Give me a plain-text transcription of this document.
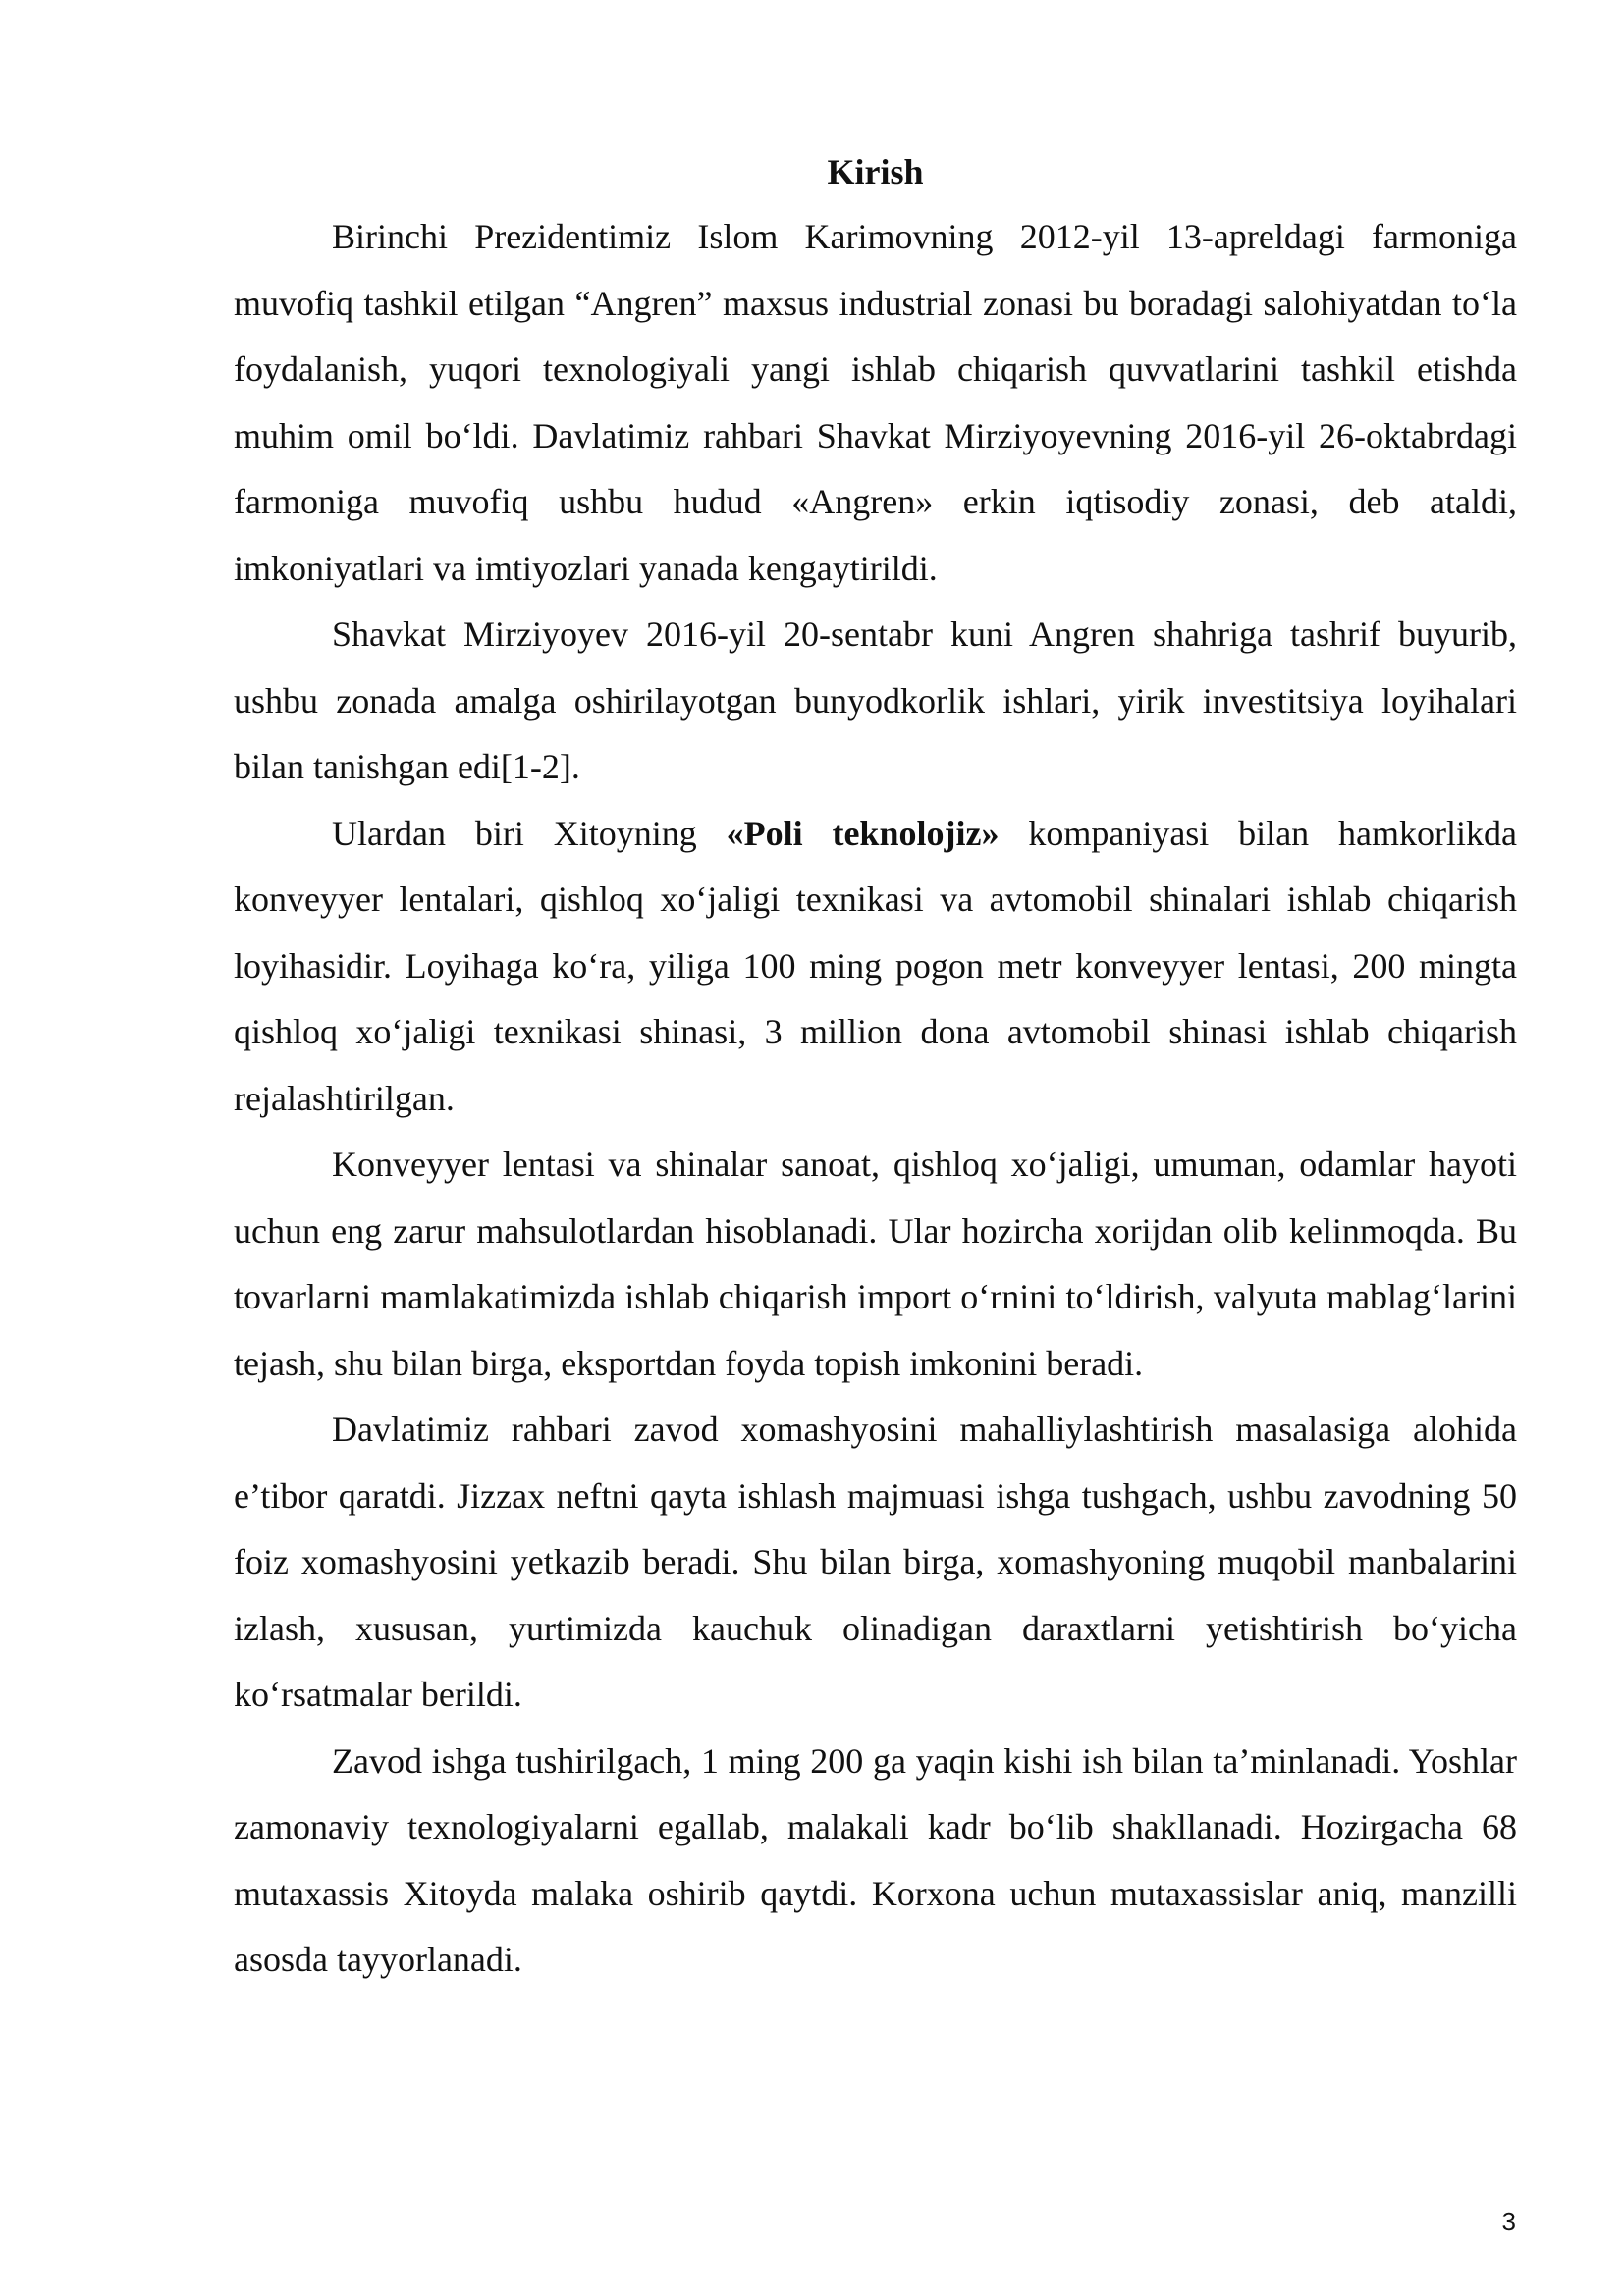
Kirish

Birinchi Prezidentimiz Islom Karimovning 2012-yil 13-apreldagi farmoniga muvofiq tashkil etilgan “Angren” maxsus industrial zonasi bu boradagi salohiyatdan to‘la foydalanish, yuqori texnologiyali yangi ishlab chiqarish quvvatlarini tashkil etishda muhim omil bo‘ldi. Davlatimiz rahbari Shavkat Mirziyoyevning 2016-yil 26-oktabrdagi farmoniga muvofiq ushbu hudud «Angren» erkin iqtisodiy zonasi, deb ataldi, imkoniyatlari va imtiyozlari yanada kengaytirildi.

Shavkat Mirziyoyev 2016-yil 20-sentabr kuni Angren shahriga tashrif buyurib, ushbu zonada amalga oshirilayotgan bunyodkorlik ishlari, yirik investitsiya loyihalari bilan tanishgan edi[1-2].

Ulardan biri Xitoyning «Poli teknolojiz» kompaniyasi bilan hamkorlikda konveyyer lentalari, qishloq xo‘jaligi texnikasi va avtomobil shinalari ishlab chiqarish loyihasidir. Loyihaga ko‘ra, yiliga 100 ming pogon metr konveyyer lentasi, 200 mingta qishloq xo‘jaligi texnikasi shinasi, 3 million dona avtomobil shinasi ishlab chiqarish rejalashtirilgan.

Konveyyer lentasi va shinalar sanoat, qishloq xo‘jaligi, umuman, odamlar hayoti uchun eng zarur mahsulotlardan hisoblanadi. Ular hozircha xorijdan olib kelinmoqda. Bu tovarlarni mamlakatimizda ishlab chiqarish import o‘rnini to‘ldirish, valyuta mablag‘larini tejash, shu bilan birga, eksportdan foyda topish imkonini beradi.

Davlatimiz rahbari zavod xomashyosini mahalliylashtirish masalasiga alohida e’tibor qaratdi. Jizzax neftni qayta ishlash majmuasi ishga tushgach, ushbu zavodning 50 foiz xomashyosini yetkazib beradi. Shu bilan birga, xomashyoning muqobil manbalarini izlash, xususan, yurtimizda kauchuk olinadigan daraxtlarni yetishtirish bo‘yicha ko‘rsatmalar berildi.

Zavod ishga tushirilgach, 1 ming 200 ga yaqin kishi ish bilan ta’minlanadi. Yoshlar zamonaviy texnologiyalarni egallab, malakali kadr bo‘lib shakllanadi. Hozirgacha 68 mutaxassis Xitoyda malaka oshirib qaytdi. Korxona uchun mutaxassislar aniq, manzilli asosda tayyorlanadi.

3
